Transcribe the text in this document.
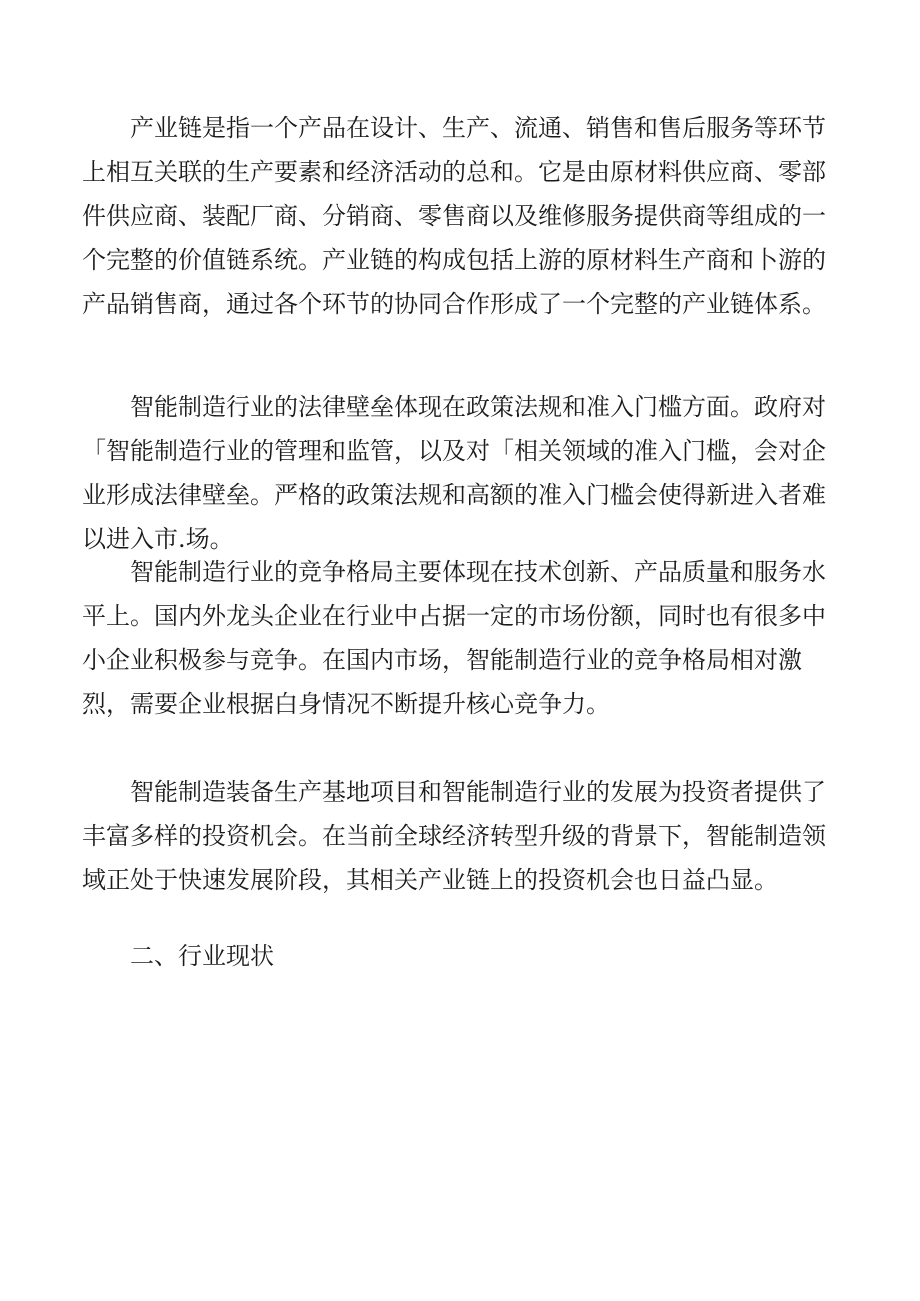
产业链是指一个产品在设计、生产、流通、销售和售后服务等环节上相互关联的生产要素和经济活动的总和。它是由原材料供应商、零部件供应商、装配厂商、分销商、零售商以及维修服务提供商等组成的一个完整的价值链系统。产业链的构成包括上游的原材料生产商和卜游的产品销售商，通过各个环节的协同合作形成了一个完整的产业链体系。

智能制造行业的法律壁垒体现在政策法规和准入门槛方面。政府对「智能制造行业的管理和监管，以及对「相关领域的准入门槛，会对企业形成法律壁垒。严格的政策法规和高额的准入门槛会使得新进入者难以进入市.场。

智能制造行业的竞争格局主要体现在技术创新、产品质量和服务水平上。国内外龙头企业在行业中占据一定的市场份额，同时也有很多中小企业积极参与竞争。在国内市场，智能制造行业的竞争格局相对激烈，需要企业根据白身情况不断提升核心竞争力。

智能制造装备生产基地项目和智能制造行业的发展为投资者提供了丰富多样的投资机会。在当前全球经济转型升级的背景下，智能制造领域正处于快速发展阶段，其相关产业链上的投资机会也日益凸显。

二、行业现状
